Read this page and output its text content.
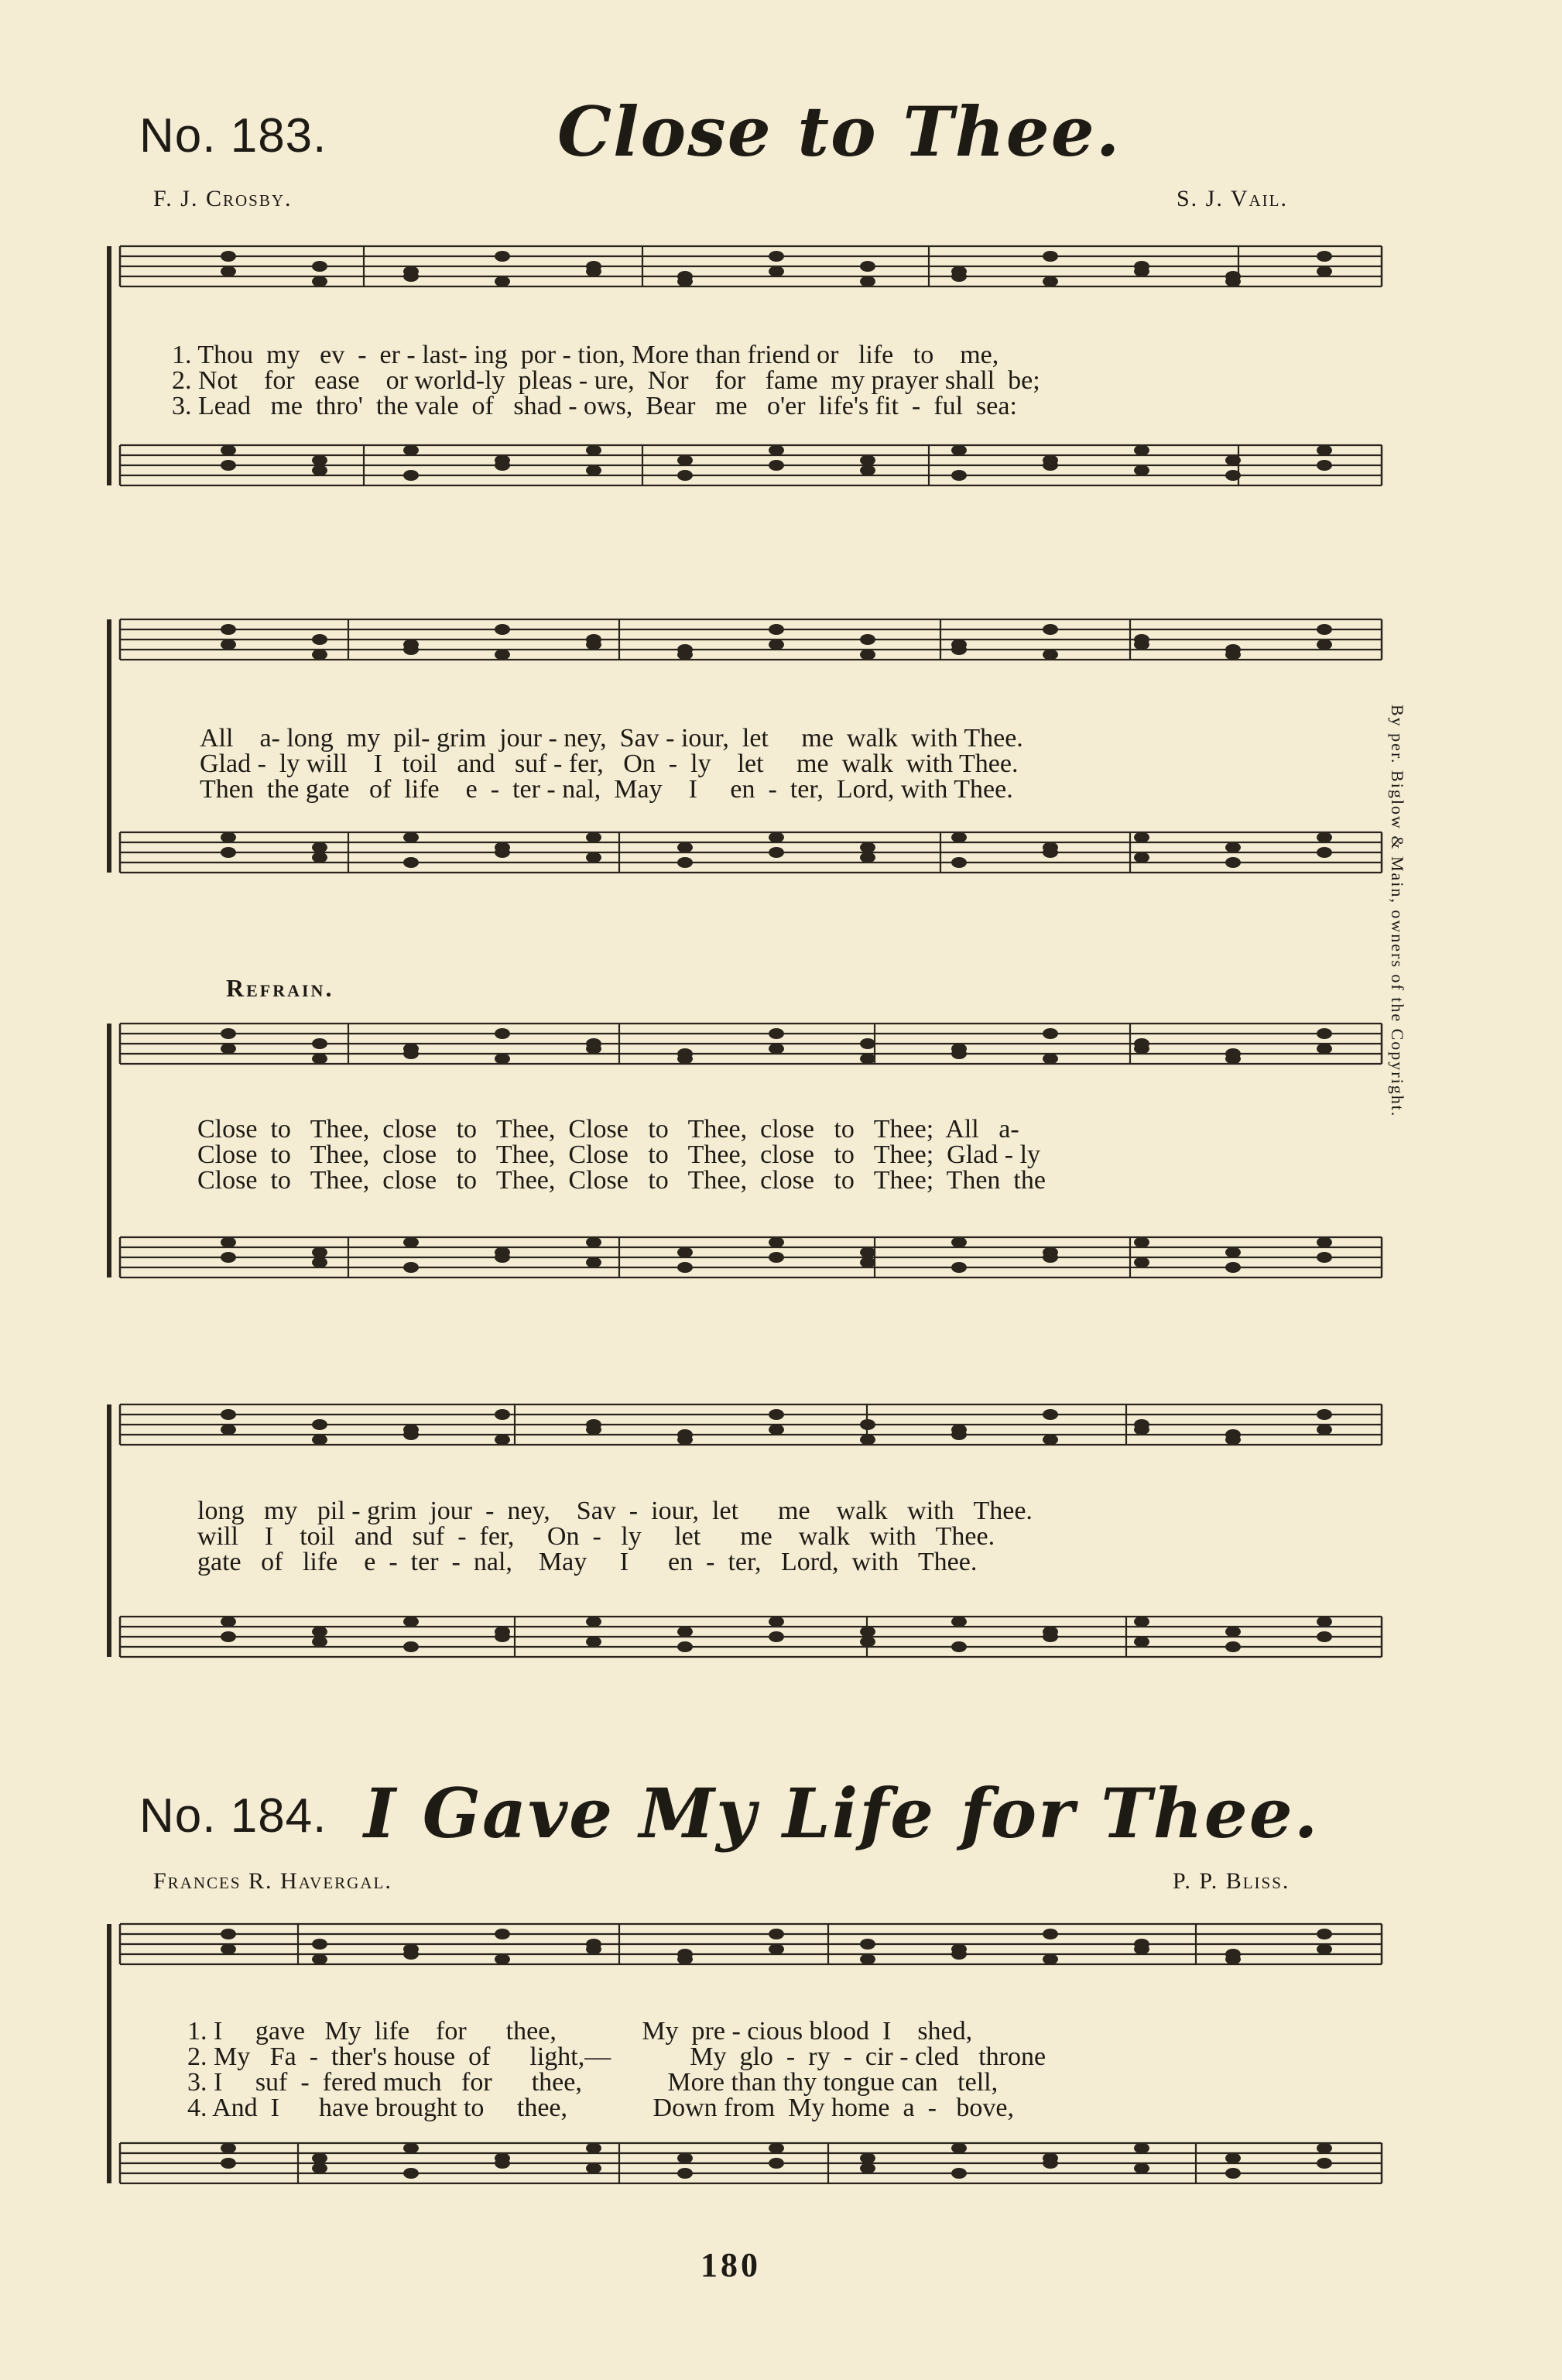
No. 183.	Close to Thee.
F. J. Crosby.	S. J. Vail.
1. Thou  my   ev  -  er - last- ing  por - tion, More than friend or   life   to    me,
2. Not    for   ease    or world-ly  pleas - ure,  Nor    for   fame  my prayer shall  be;
3. Lead   me  thro'  the vale  of   shad - ows,  Bear   me   o'er  life's fit  -  ful  sea:
All    a- long  my  pil- grim  jour - ney,  Sav - iour,  let     me  walk  with Thee.
Glad -  ly will    I   toil   and   suf - fer,   On  -  ly    let     me  walk  with Thee.
Then  the gate   of  life    e  -  ter - nal,  May    I     en  -  ter,  Lord, with Thee.
Refrain.
Close  to   Thee,  close   to   Thee,  Close   to   Thee,  close   to   Thee;  All   a-
Close  to   Thee,  close   to   Thee,  Close   to   Thee,  close   to   Thee;  Glad - ly
Close  to   Thee,  close   to   Thee,  Close   to   Thee,  close   to   Thee;  Then  the
long   my   pil - grim  jour  -  ney,    Sav  -  iour,  let      me    walk   with   Thee.
will    I    toil   and   suf  -  fer,     On  -   ly     let      me    walk   with   Thee.
gate   of   life    e  -  ter  -  nal,    May     I      en  -  ter,   Lord,  with   Thee.
By per. Biglow & Main, owners of the Copyright.
No. 184. I Gave My Life for Thee.
Frances R. Havergal.	P. P. Bliss.
1. I     gave   My  life    for      thee,             My  pre - cious blood  I    shed,
2. My   Fa  -  ther's house  of      light,—            My  glo  -  ry  -  cir - cled   throne
3. I     suf  -  fered much   for      thee,             More than thy tongue can   tell,
4. And  I      have brought to     thee,             Down from  My home  a  -   bove,
180
